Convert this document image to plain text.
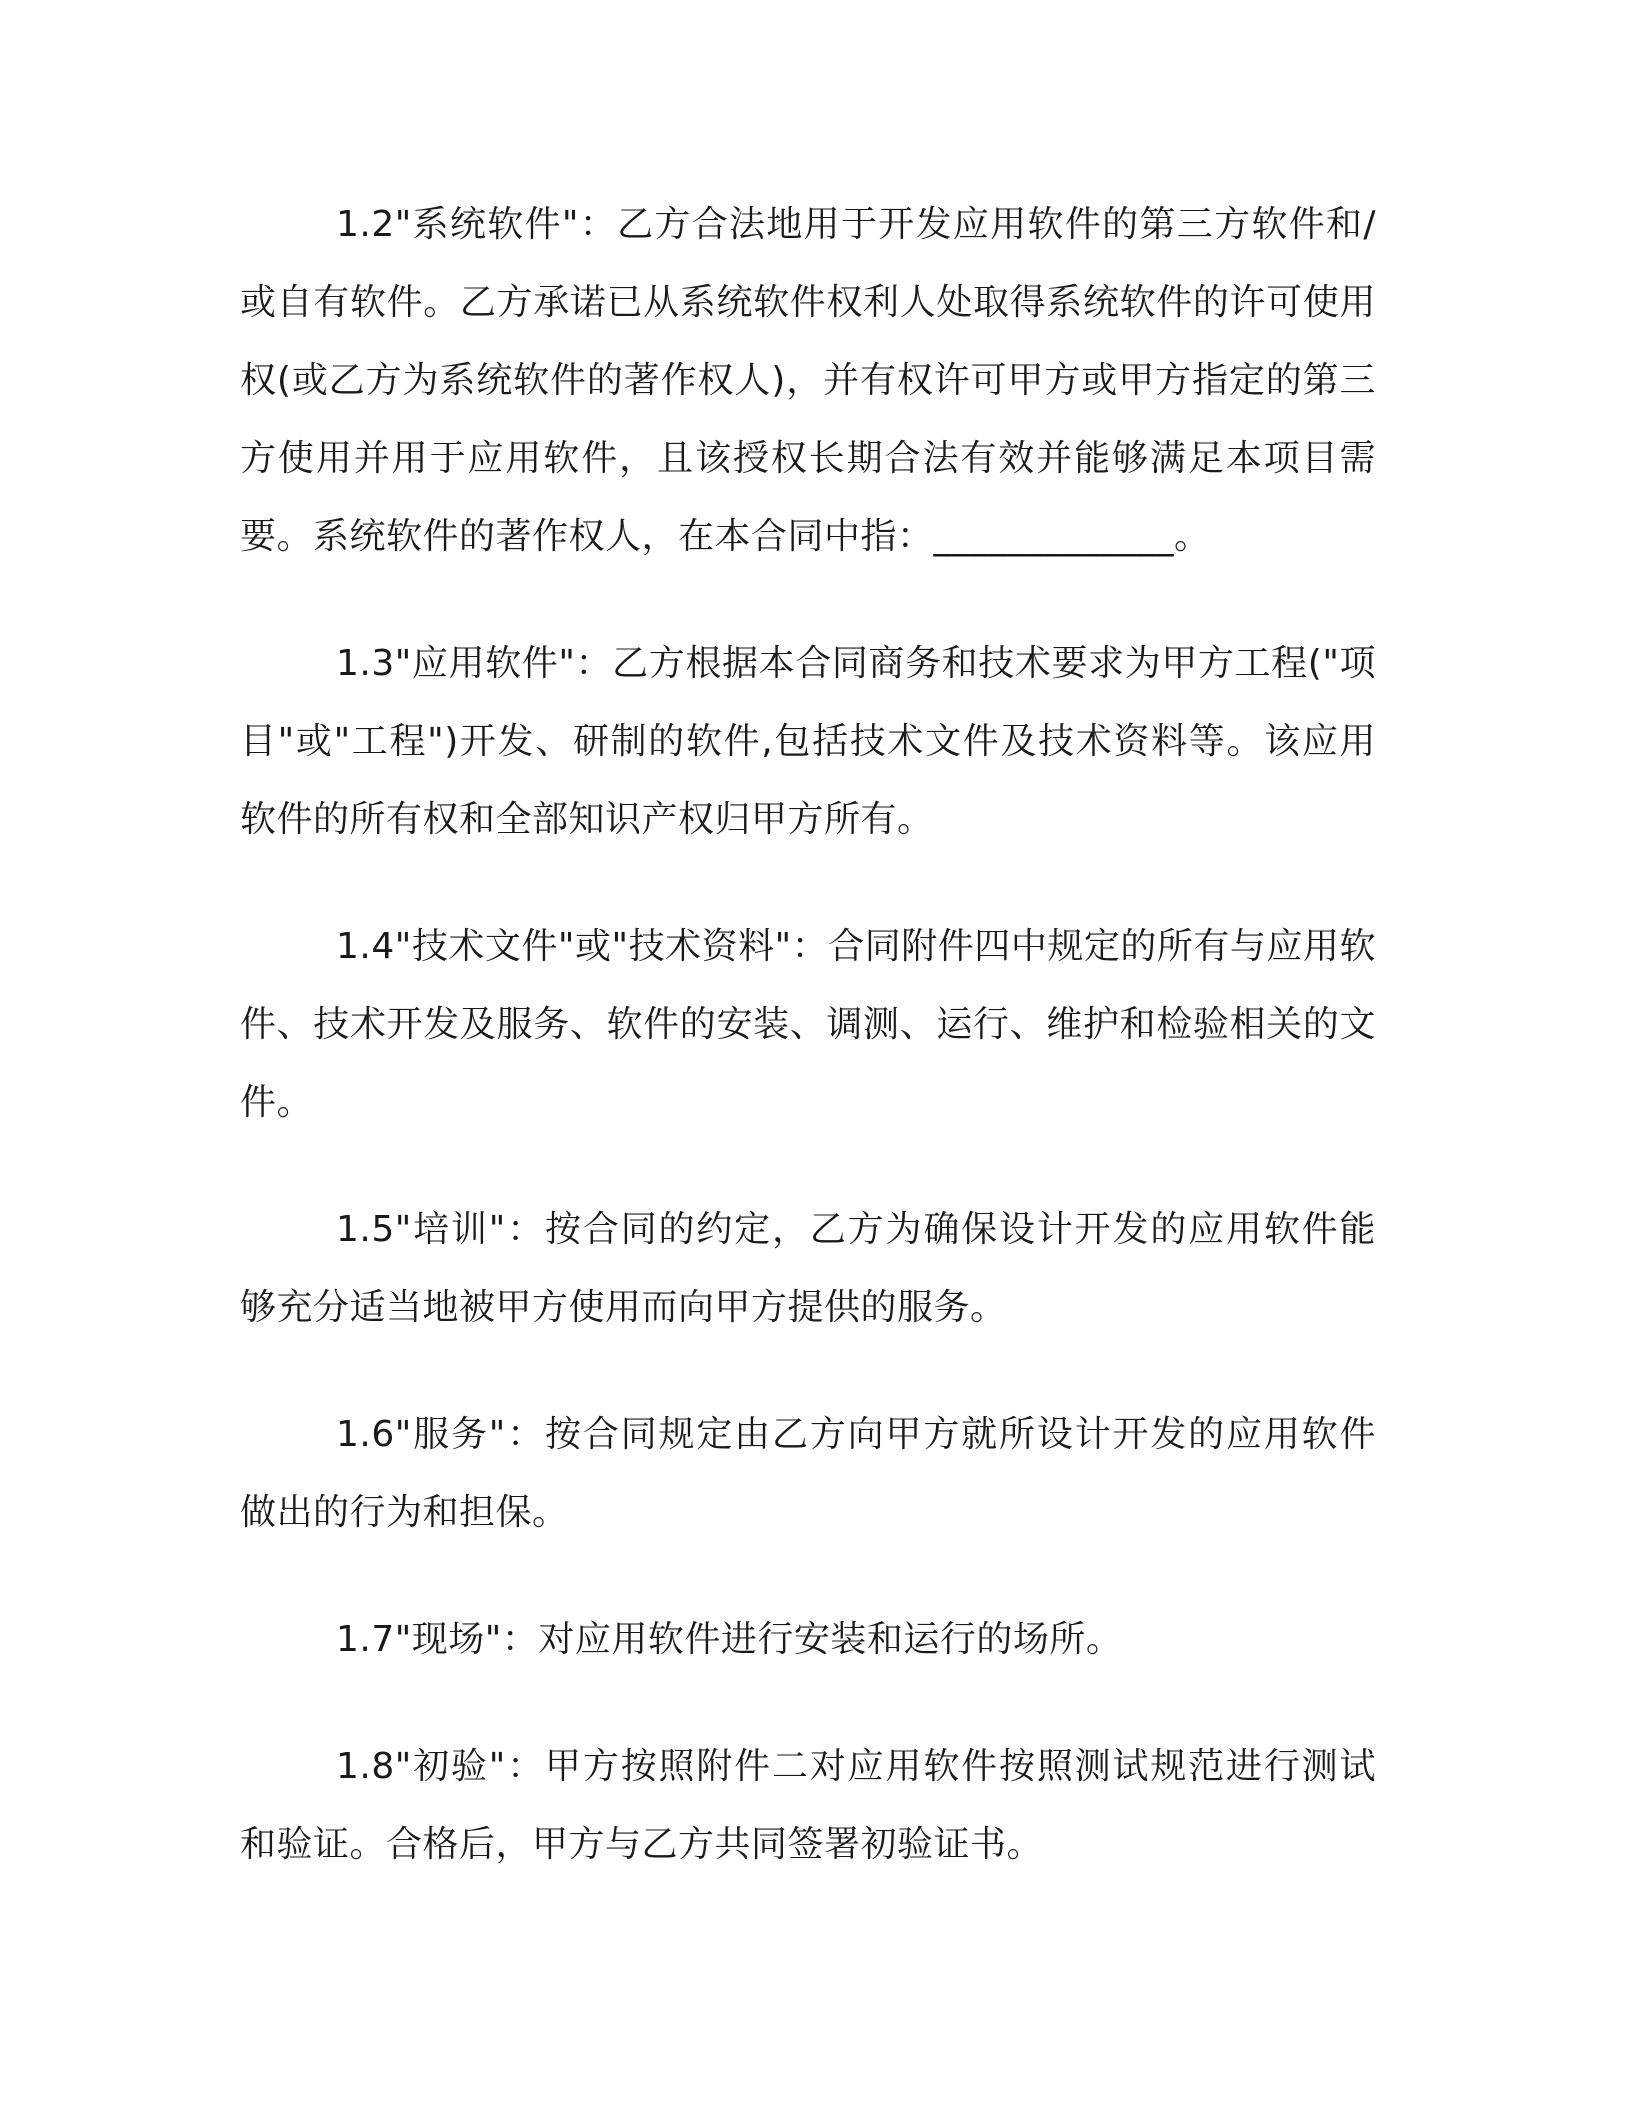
1.2"系统软件"：乙方合法地用于开发应用软件的第三方软件和/或自有软件。乙方承诺已从系统软件权利人处取得系统软件的许可使用权(或乙方为系统软件的著作权人)，并有权许可甲方或甲方指定的第三方使用并用于应用软件，且该授权长期合法有效并能够满足本项目需要。系统软件的著作权人，在本合同中指：_____________。

1.3"应用软件"：乙方根据本合同商务和技术要求为甲方工程("项目"或"工程")开发、研制的软件,包括技术文件及技术资料等。该应用软件的所有权和全部知识产权归甲方所有。

1.4"技术文件"或"技术资料"：合同附件四中规定的所有与应用软件、技术开发及服务、软件的安装、调测、运行、维护和检验相关的文件。

1.5"培训"：按合同的约定，乙方为确保设计开发的应用软件能够充分适当地被甲方使用而向甲方提供的服务。

1.6"服务"：按合同规定由乙方向甲方就所设计开发的应用软件做出的行为和担保。

1.7"现场"：对应用软件进行安装和运行的场所。

1.8"初验"：甲方按照附件二对应用软件按照测试规范进行测试和验证。合格后，甲方与乙方共同签署初验证书。
